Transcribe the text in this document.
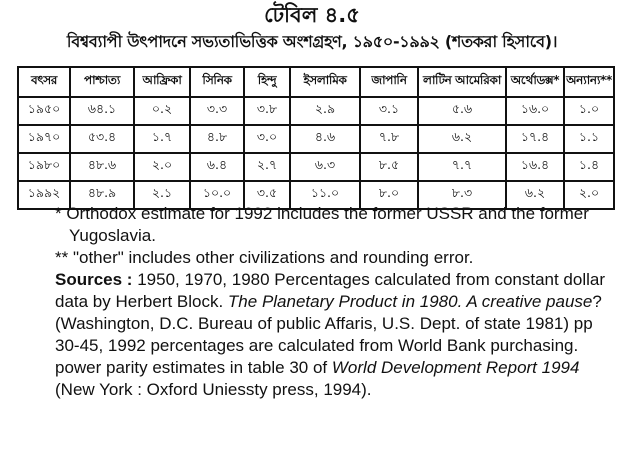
টেবিল ৪.৫
বিশ্বব্যাপী উৎপাদনে সভ্যতাভিত্তিক অংশগ্রহণ, ১৯৫০-১৯৯২ (শতকরা হিসাবে)।
বৎসর	পাশ্চাত্য	আফ্রিকা	সিনিক	হিন্দু	ইসলামিক	জাপানি	লাটিন আমেরিকা	অর্থোডক্স*	অন্যান্য**
১৯৫০	৬৪.১	০.২	৩.৩	৩.৮	২.৯	৩.১	৫.৬	১৬.০	১.০
১৯৭০	৫৩.৪	১.৭	৪.৮	৩.০	৪.৬	৭.৮	৬.২	১৭.৪	১.১
১৯৮০	৪৮.৬	২.০	৬.৪	২.৭	৬.৩	৮.৫	৭.৭	১৬.৪	১.৪
১৯৯২	৪৮.৯	২.১	১০.০	৩.৫	১১.০	৮.০	৮.৩	৬.২	২.০

* Orthodox estimate for 1992 includes the former USSR and the former Yugoslavia.

** "other" includes other civilizations and rounding error.

Sources : 1950, 1970, 1980 Percentages calculated from constant dollar data by Herbert Block. The Planetary Product in 1980. A creative pause? (Washington, D.C. Bureau of public Affaris, U.S. Dept. of state 1981) pp 30-45, 1992 percentages are calculated from World Bank purchasing. power parity estimates in table 30 of World Development Report 1994 (New York : Oxford Uniessty press, 1994).
